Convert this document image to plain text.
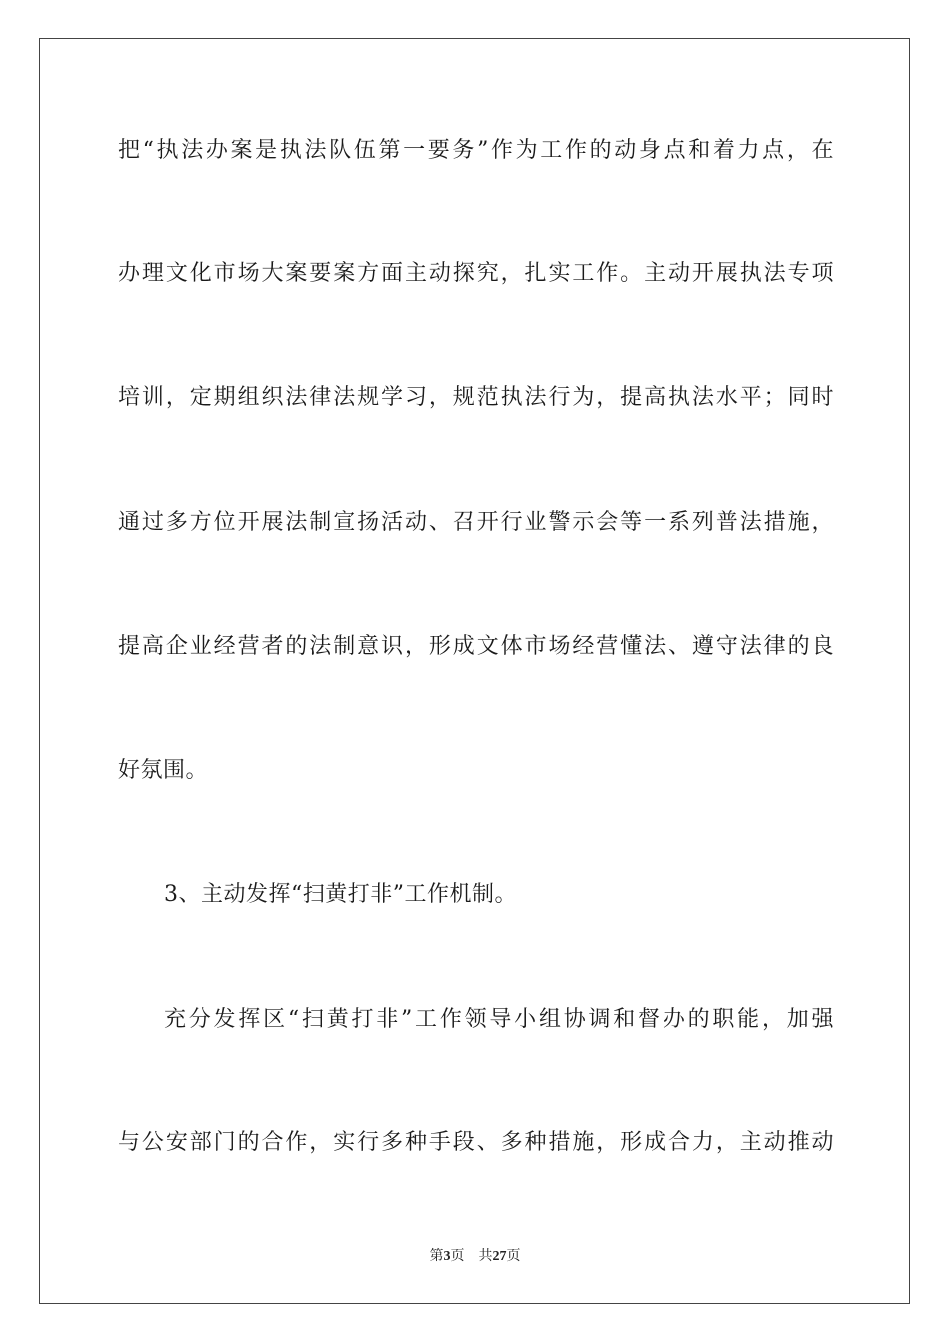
把“执法办案是执法队伍第一要务”作为工作的动身点和着力点，在
办理文化市场大案要案方面主动探究，扎实工作。主动开展执法专项
培训，定期组织法律法规学习，规范执法行为，提高执法水平；同时
通过多方位开展法制宣扬活动、召开行业警示会等一系列普法措施，
提高企业经营者的法制意识，形成文体市场经营懂法、遵守法律的良
好氛围。
3、主动发挥“扫黄打非”工作机制。
充分发挥区“扫黄打非”工作领导小组协调和督办的职能，加强
与公安部门的合作，实行多种手段、多种措施，形成合力，主动推动
第3页 共27页
